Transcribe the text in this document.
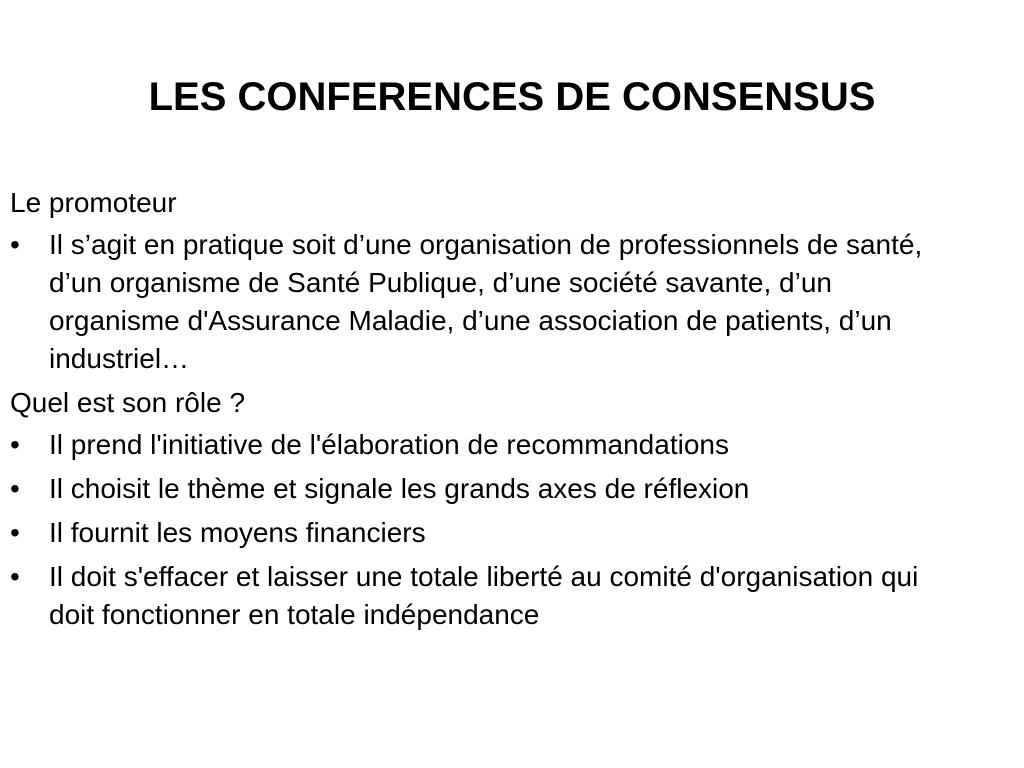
LES CONFERENCES DE CONSENSUS

Le promoteur

• Il s’agit en pratique soit d’une organisation de professionnels de santé, d’un organisme de Santé Publique, d’une société savante, d’un organisme d'Assurance Maladie, d’une association de patients, d’un industriel…

Quel est son rôle ?

• Il prend l'initiative de l'élaboration de recommandations
• Il choisit le thème et signale les grands axes de réflexion
• Il fournit les moyens financiers
• Il doit s'effacer et laisser une totale liberté au comité d'organisation qui doit fonctionner en totale indépendance
